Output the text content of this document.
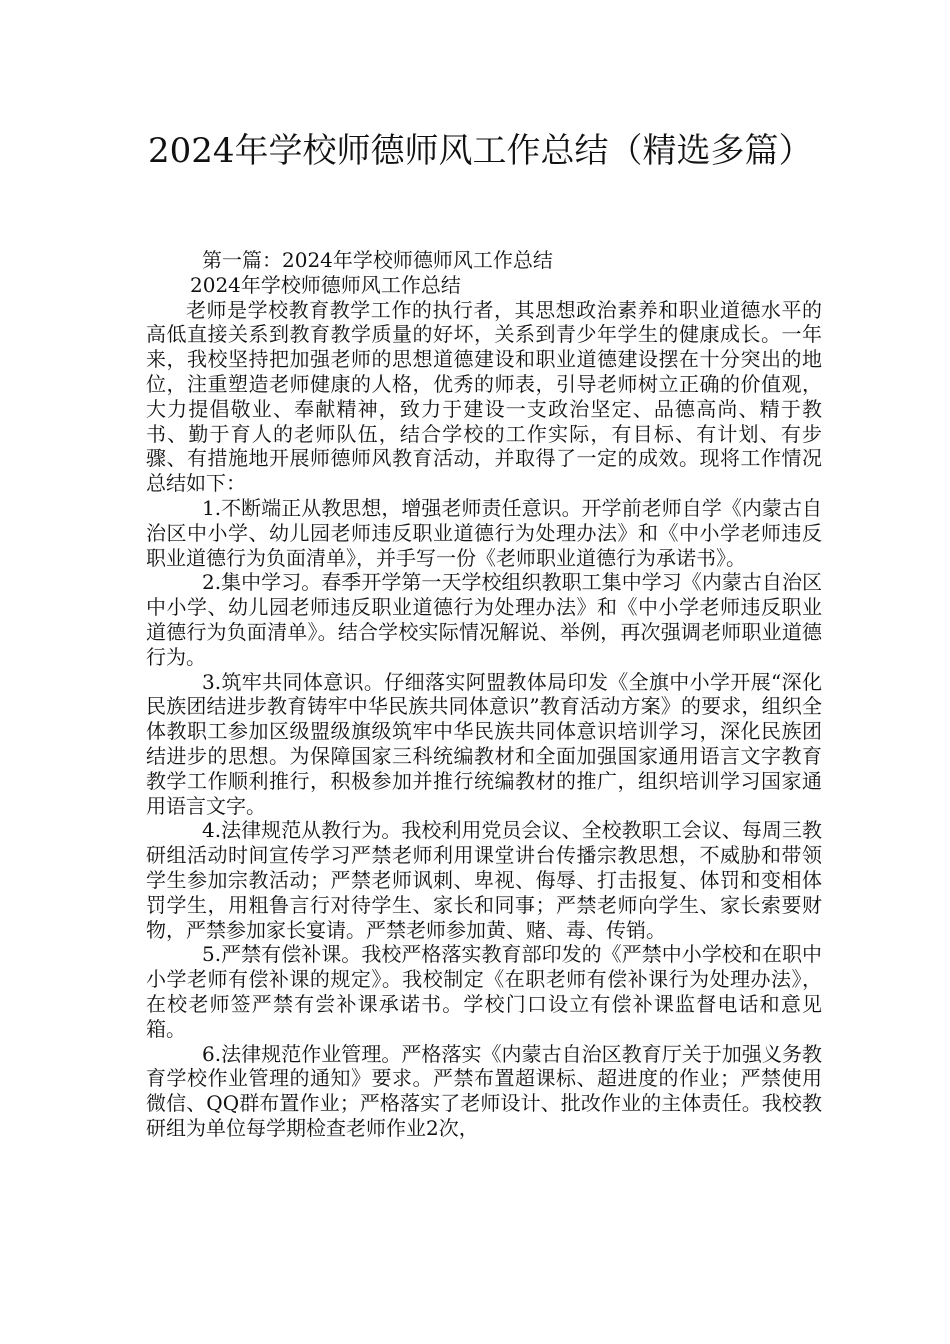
2024年学校师德师风工作总结（精选多篇）

第一篇：2024年学校师德师风工作总结

2024年学校师德师风工作总结

老师是学校教育教学工作的执行者，其思想政治素养和职业道德水平的高低直接关系到教育教学质量的好坏，关系到青少年学生的健康成长。一年来，我校坚持把加强老师的思想道德建设和职业道德建设摆在十分突出的地位，注重塑造老师健康的人格，优秀的师表，引导老师树立正确的价值观，大力提倡敬业、奉献精神，致力于建设一支政治坚定、品德高尚、精于教书、勤于育人的老师队伍，结合学校的工作实际，有目标、有计划、有步骤、有措施地开展师德师风教育活动，并取得了一定的成效。现将工作情况总结如下：

1.不断端正从教思想，增强老师责任意识。开学前老师自学《内蒙古自治区中小学、幼儿园老师违反职业道德行为处理办法》和《中小学老师违反职业道德行为负面清单》，并手写一份《老师职业道德行为承诺书》。

2.集中学习。春季开学第一天学校组织教职工集中学习《内蒙古自治区中小学、幼儿园老师违反职业道德行为处理办法》和《中小学老师违反职业道德行为负面清单》。结合学校实际情况解说、举例，再次强调老师职业道德行为。

3.筑牢共同体意识。仔细落实阿盟教体局印发《全旗中小学开展“深化民族团结进步教育铸牢中华民族共同体意识”教育活动方案》的要求，组织全体教职工参加区级盟级旗级筑牢中华民族共同体意识培训学习，深化民族团结进步的思想。为保障国家三科统编教材和全面加强国家通用语言文字教育教学工作顺利推行，积极参加并推行统编教材的推广，组织培训学习国家通用语言文字。

4.法律规范从教行为。我校利用党员会议、全校教职工会议、每周三教研组活动时间宣传学习严禁老师利用课堂讲台传播宗教思想，不威胁和带领学生参加宗教活动；严禁老师讽刺、卑视、侮辱、打击报复、体罚和变相体罚学生，用粗鲁言行对待学生、家长和同事；严禁老师向学生、家长索要财物，严禁参加家长宴请。严禁老师参加黄、赌、毒、传销。

5.严禁有偿补课。我校严格落实教育部印发的《严禁中小学校和在职中小学老师有偿补课的规定》。我校制定《在职老师有偿补课行为处理办法》，在校老师签严禁有尝补课承诺书。学校门口设立有偿补课监督电话和意见箱。

6.法律规范作业管理。严格落实《内蒙古自治区教育厅关于加强义务教育学校作业管理的通知》要求。严禁布置超课标、超进度的作业；严禁使用微信、QQ群布置作业；严格落实了老师设计、批改作业的主体责任。我校教研组为单位每学期检查老师作业2次，
